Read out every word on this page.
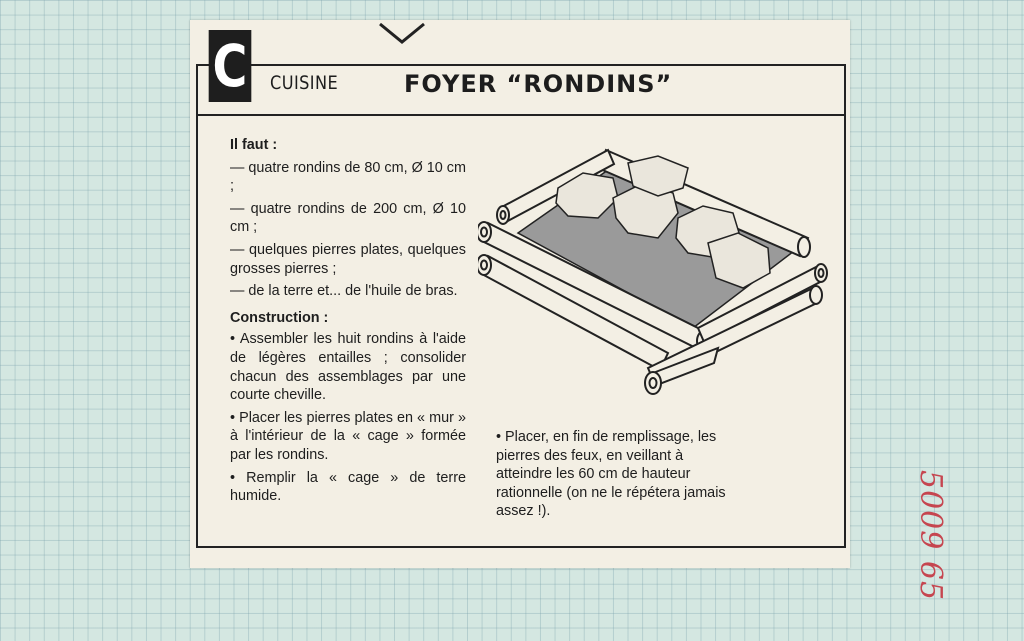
C CUISINE	FOYER “RONDINS”
Il faut :

— quatre rondins de 80 cm, Ø 10 cm ;

— quatre rondins de 200 cm, Ø 10 cm ;

— quelques pierres plates, quelques grosses pierres ;

— de la terre et... de l'huile de bras.

Construction :

• Assembler les huit rondins à l'aide de légères entailles ; consolider chacun des assemblages par une courte cheville.

• Placer les pierres plates en « mur » à l'intérieur de la « cage » formée par les rondins.

• Remplir la « cage » de terre humide.

• Placer, en fin de remplissage, les pierres des feux, en veillant à atteindre les 60 cm de hauteur rationnelle (on ne le répétera jamais assez !).	5009 65
